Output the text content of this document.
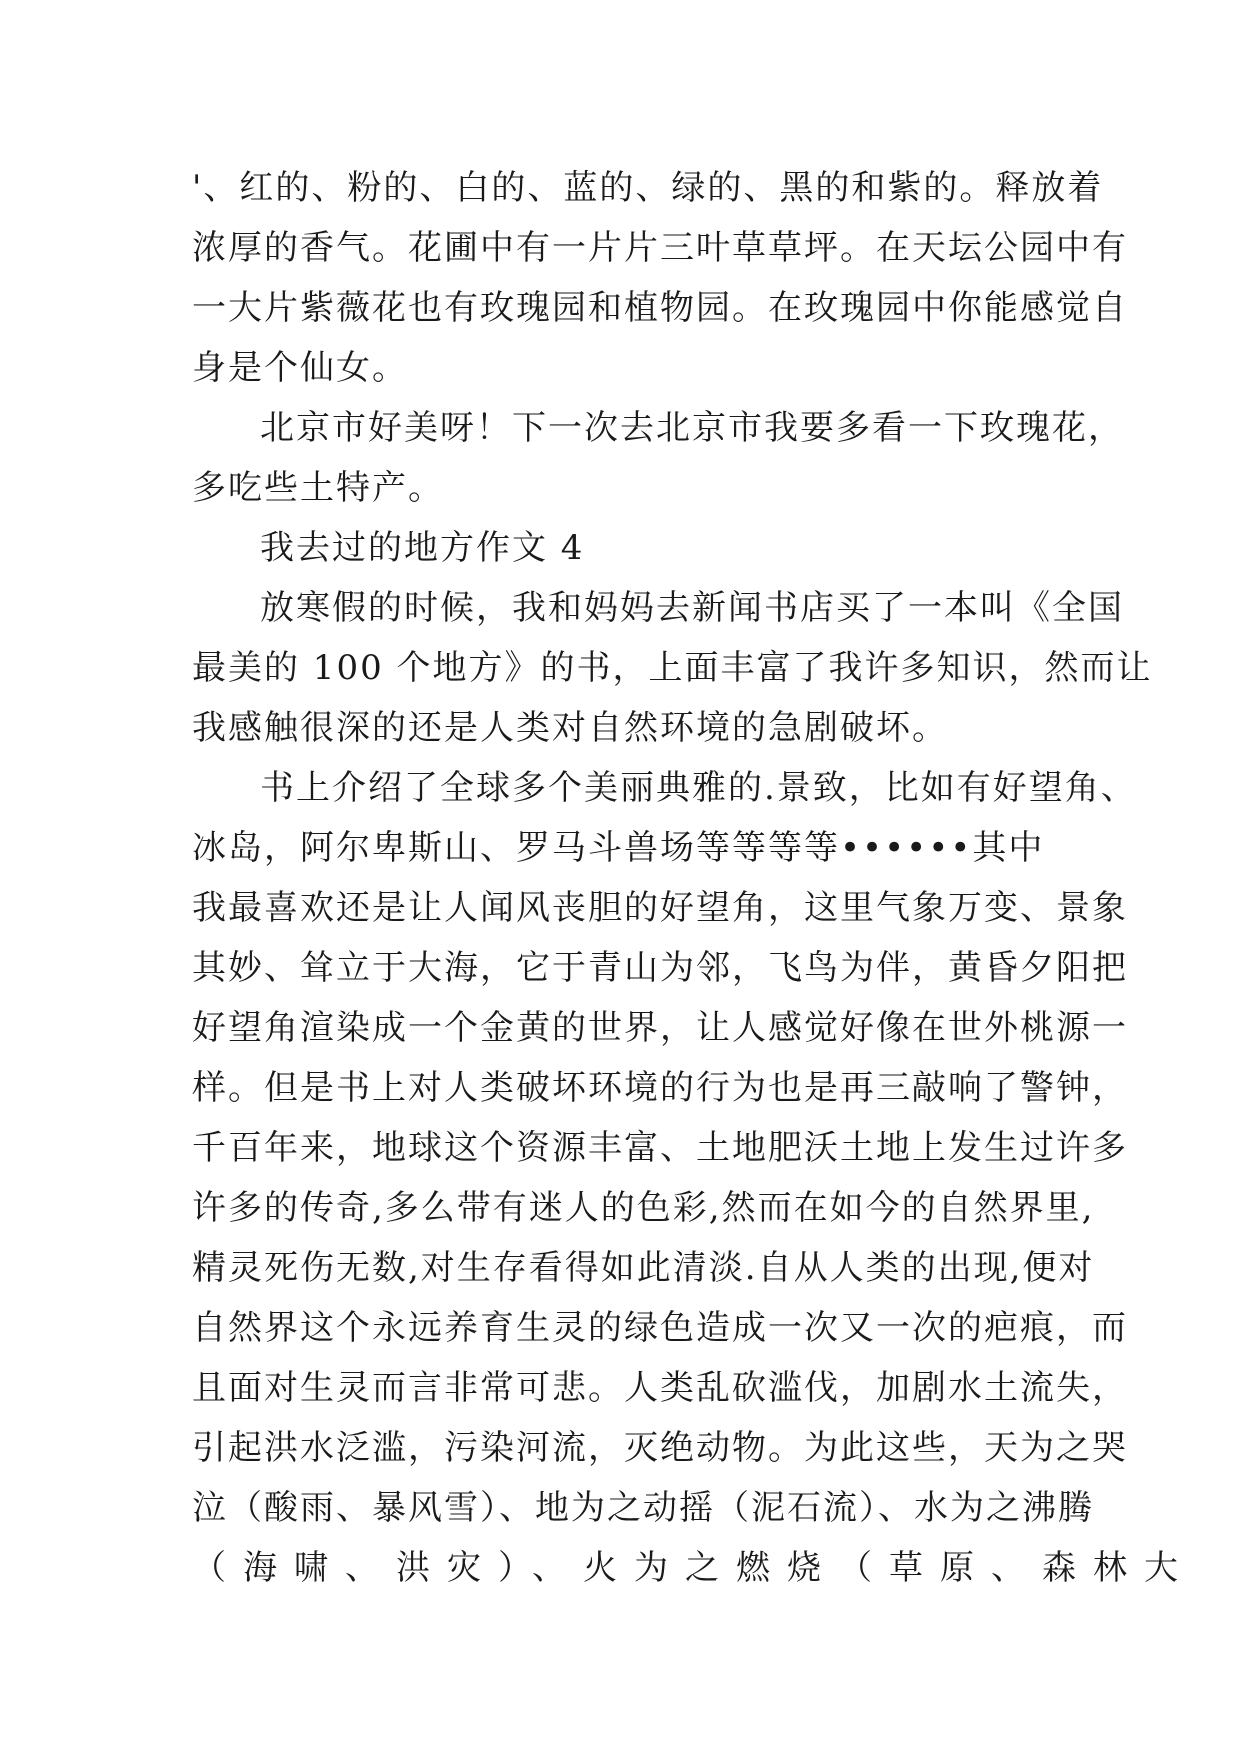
'、红的、粉的、白的、蓝的、绿的、黑的和紫的。释放着
浓厚的香气。花圃中有一片片三叶草草坪。在天坛公园中有
一大片紫薇花也有玫瑰园和植物园。在玫瑰园中你能感觉自
身是个仙女。
北京市好美呀！下一次去北京市我要多看一下玫瑰花，
多吃些土特产。
我去过的地方作文 4
放寒假的时候，我和妈妈去新闻书店买了一本叫《全国
最美的 100 个地方》的书，上面丰富了我许多知识，然而让
我感触很深的还是人类对自然环境的急剧破坏。
书上介绍了全球多个美丽典雅的.景致，比如有好望角、
冰岛，阿尔卑斯山、罗马斗兽场等等等等••••••其中
我最喜欢还是让人闻风丧胆的好望角，这里气象万变、景象
其妙、耸立于大海，它于青山为邻，飞鸟为伴，黄昏夕阳把
好望角渲染成一个金黄的世界，让人感觉好像在世外桃源一
样。但是书上对人类破坏环境的行为也是再三敲响了警钟，
千百年来，地球这个资源丰富、土地肥沃土地上发生过许多
许多的传奇,多么带有迷人的色彩,然而在如今的自然界里,
精灵死伤无数,对生存看得如此清淡.自从人类的出现,便对
自然界这个永远养育生灵的绿色造成一次又一次的疤痕，而
且面对生灵而言非常可悲。人类乱砍滥伐，加剧水土流失，
引起洪水泛滥，污染河流，灭绝动物。为此这些，天为之哭
泣（酸雨、暴风雪）、地为之动摇（泥石流）、水为之沸腾
（海啸、洪灾）、火为之燃烧（草原、森林大
